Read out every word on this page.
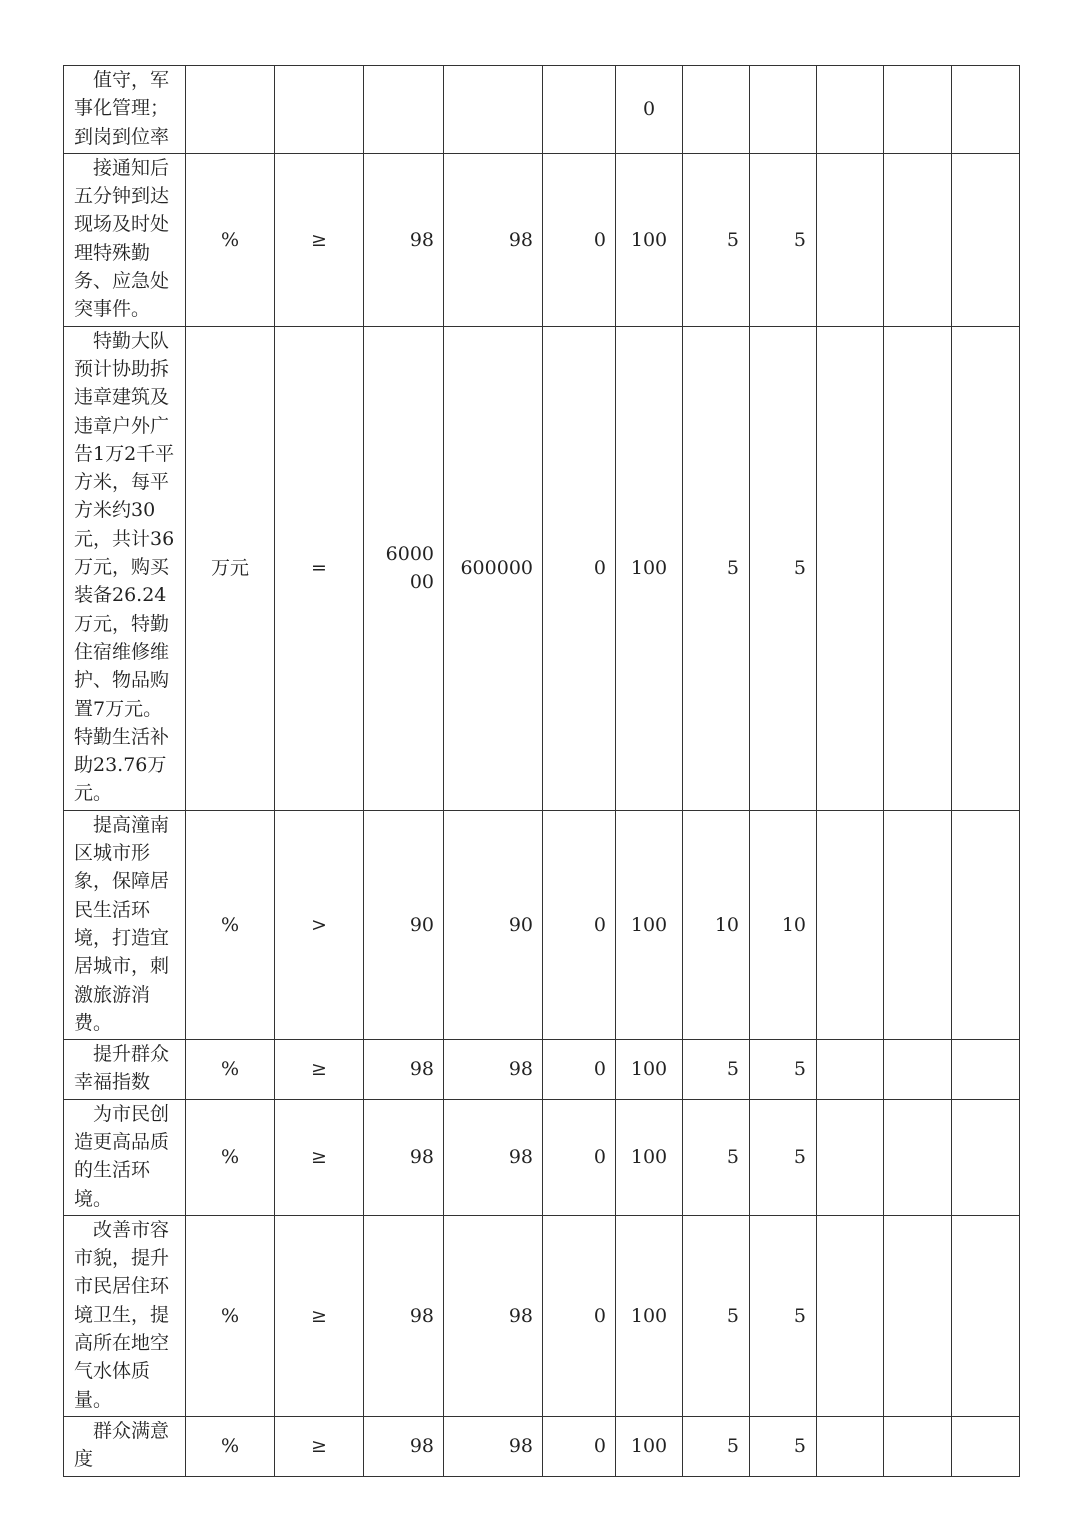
值守，军事化管理；到岗到位率						0					
接通知后五分钟到达现场及时处理特殊勤务、应急处突事件。	%	≥	98	98	0	100	5	5			
特勤大队预计协助拆违章建筑及违章户外广告1万2千平方米，每平方米约30元，共计36万元，购买装备26.24万元，特勤住宿维修维护、物品购置7万元。特勤生活补助23.76万元。	万元	=	600000	600000	0	100	5	5			
提高潼南区城市形象，保障居民生活环境，打造宜居城市，刺激旅游消费。	%	>	90	90	0	100	10	10			
提升群众幸福指数	%	≥	98	98	0	100	5	5			
为市民创造更高品质的生活环境。	%	≥	98	98	0	100	5	5			
改善市容市貌，提升市民居住环境卫生，提高所在地空气水体质量。	%	≥	98	98	0	100	5	5			
群众满意度	%	≥	98	98	0	100	5	5			
